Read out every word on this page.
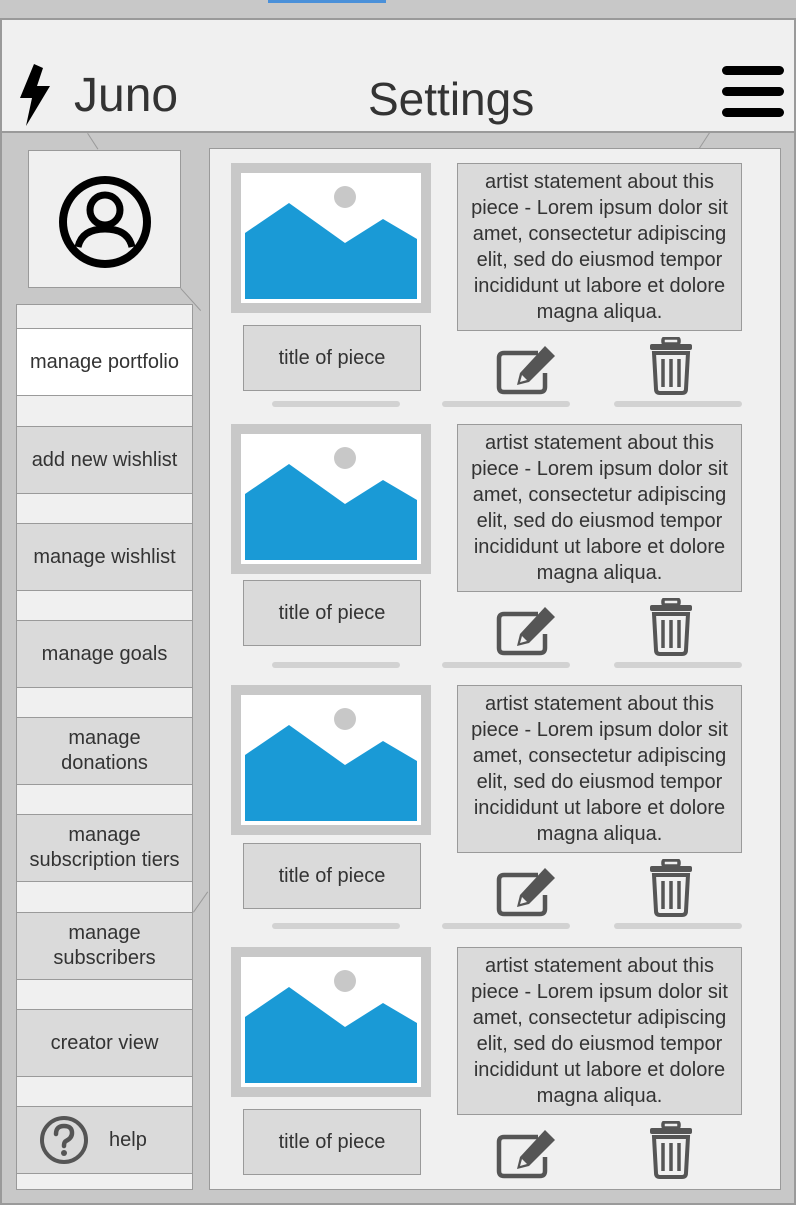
Juno	Settings
manage portfolio
add new wishlist
manage wishlist
manage goals
manage donations
manage subscription tiers
manage subscribers
creator view
help
title of piece
artist statement about this piece - Lorem ipsum dolor sit amet, consectetur adipiscing elit, sed do eiusmod tempor incididunt ut labore et dolore magna aliqua.
title of piece
artist statement about this piece - Lorem ipsum dolor sit amet, consectetur adipiscing elit, sed do eiusmod tempor incididunt ut labore et dolore magna aliqua.
title of piece
artist statement about this piece - Lorem ipsum dolor sit amet, consectetur adipiscing elit, sed do eiusmod tempor incididunt ut labore et dolore magna aliqua.
title of piece
artist statement about this piece - Lorem ipsum dolor sit amet, consectetur adipiscing elit, sed do eiusmod tempor incididunt ut labore et dolore magna aliqua.
